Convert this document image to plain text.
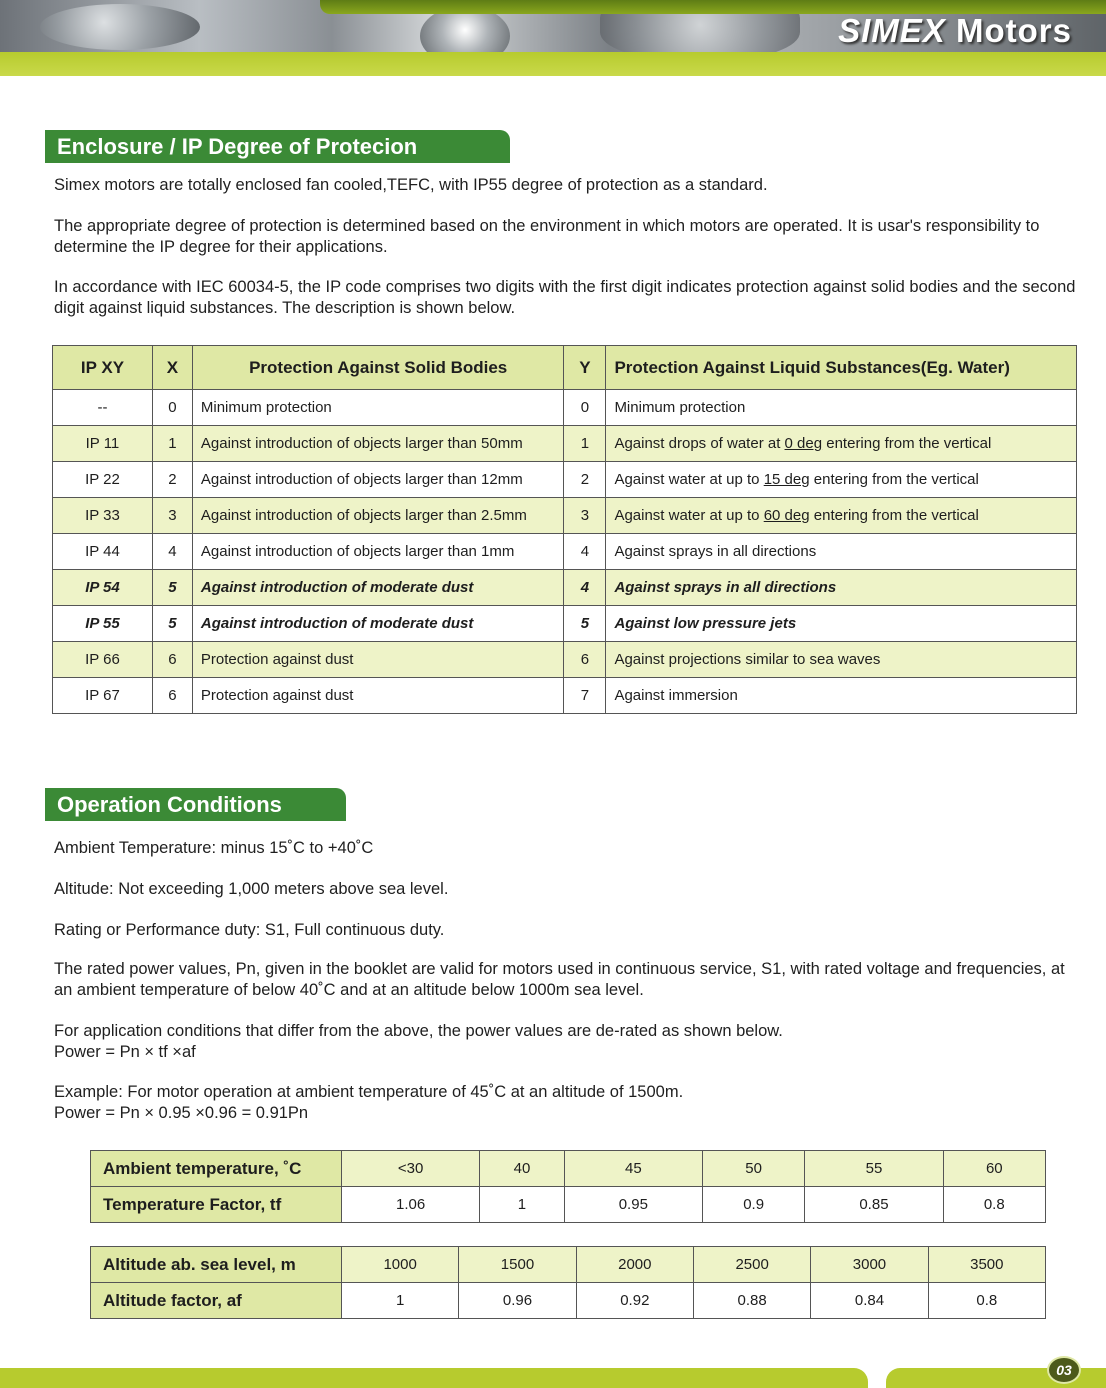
SIMEX Motors
Enclosure / IP Degree of Protecion
Simex motors are totally enclosed fan cooled,TEFC, with IP55 degree of protection as a standard.
The appropriate degree of protection is determined based on the environment in which motors are operated. It is usar's responsibility to determine the IP degree for their applications.
In accordance with IEC 60034-5, the IP code comprises two digits with the first digit indicates protection against solid bodies and the second digit against liquid substances. The description is shown below.
IP XY	X	Protection Against Solid Bodies	Y	Protection Against Liquid Substances(Eg. Water)
--	0	Minimum protection	0	Minimum protection
IP 11	1	Against introduction of objects larger than 50mm	1	Against drops of water at 0 deg entering from the vertical
IP 22	2	Against introduction of objects larger than 12mm	2	Against water at up to 15 deg entering from the vertical
IP 33	3	Against introduction of objects larger than 2.5mm	3	Against water at up to 60 deg entering from the vertical
IP 44	4	Against introduction of objects larger than 1mm	4	Against sprays in all directions
IP 54	5	Against introduction of moderate dust	4	Against sprays in all directions
IP 55	5	Against introduction of moderate dust	5	Against low pressure jets
IP 66	6	Protection against dust	6	Against projections similar to sea waves
IP 67	6	Protection against dust	7	Against immersion
Operation Conditions
Ambient Temperature: minus 15˚C to +40˚C
Altitude: Not exceeding 1,000 meters above sea level.
Rating or Performance duty: S1, Full continuous duty.
The rated power values, Pn, given in the booklet are valid for motors used in continuous service, S1, with rated voltage and frequencies, at an ambient temperature of below 40˚C and at an altitude below 1000m sea level.
For application conditions that differ from the above, the power values are de-rated as shown below.
Power = Pn × tf ×af
Example: For motor operation at ambient temperature of 45˚C at an altitude of 1500m.
Power = Pn × 0.95 ×0.96 = 0.91Pn
Ambient temperature, ˚C	<30	40	45	50	55	60
Temperature Factor, tf	1.06	1	0.95	0.9	0.85	0.8
Altitude ab. sea level, m	1000	1500	2000	2500	3000	3500
Altitude factor, af	1	0.96	0.92	0.88	0.84	0.8
03
